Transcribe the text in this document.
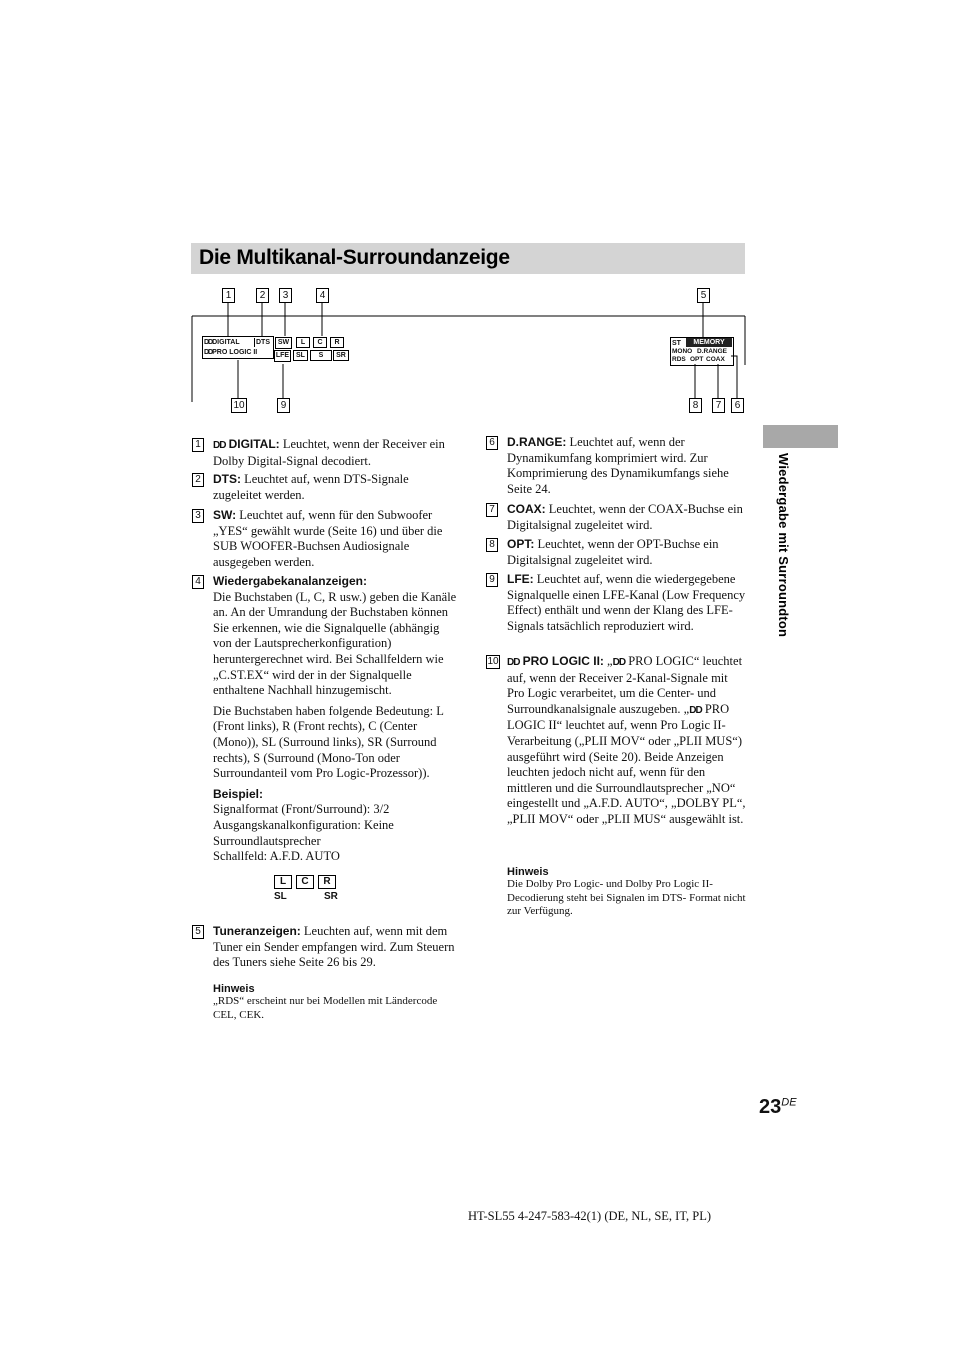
Die Multikanal-Surroundanzeige
Wiedergabe mit Surroundton
1	2	3	4	5
10	9	8	7	6
DDDIGITAL DTS
DDPRO LOGIC II
SW	L	C	R
LFE SL	S	SR
ST	MEMORY
MONO D.RANGE
RDS OPT COAX
1	DD DIGITAL: Leuchtet, wenn der Receiver ein Dolby Digital-Signal decodiert.
2 DTS: Leuchtet auf, wenn DTS-Signale zugeleitet werden.
3 SW: Leuchtet auf, wenn für den Subwoofer „YES“ gewählt wurde (Seite 16) und über die SUB WOOFER-Buchsen Audiosignale ausgegeben werden.
4 Wiedergabekanalanzeigen:
Die Buchstaben (L, C, R usw.) geben die Kanäle an. An der Umrandung der Buchstaben können Sie erkennen, wie die Signalquelle (abhängig von der Lautsprecherkonfiguration) heruntergerechnet wird. Bei Schallfeldern wie „C.ST.EX“ wird der in der Signalquelle enthaltene Nachhall hinzugemischt.
Die Buchstaben haben folgende Bedeutung: L (Front links), R (Front rechts), C (Center (Mono)), SL (Surround links), SR (Surround rechts), S (Surround (Mono-Ton oder Surroundanteil vom Pro Logic-Prozessor)).
Beispiel:
Signalformat (Front/Surround): 3/2
Ausgangskanalkonfiguration: Keine Surroundlautsprecher
Schallfeld: A.F.D. AUTO
L	C	R
SL	SR
5 Tuneranzeigen: Leuchten auf, wenn mit dem Tuner ein Sender empfangen wird. Zum Steuern des Tuners siehe Seite 26 bis 29.
Hinweis
„RDS“ erscheint nur bei Modellen mit Ländercode CEL, CEK.
6 D.RANGE: Leuchtet auf, wenn der Dynamikumfang komprimiert wird. Zur Komprimierung des Dynamikumfangs siehe Seite 24.
7 COAX: Leuchtet, wenn der COAX-Buchse ein Digitalsignal zugeleitet wird.
8 OPT: Leuchtet, wenn der OPT-Buchse ein Digitalsignal zugeleitet wird.
9 LFE: Leuchtet auf, wenn die wiedergegebene Signalquelle einen LFE-Kanal (Low Frequency Effect) enthält und wenn der Klang des LFE-Signals tatsächlich reproduziert wird.
10 DD PRO LOGIC II: „DD PRO LOGIC“ leuchtet auf, wenn der Receiver 2-Kanal-Signale mit Pro Logic verarbeitet, um die Center- und Surroundkanalsignale auszugeben. „DD PRO LOGIC II“ leuchtet auf, wenn Pro Logic II-Verarbeitung („PLII MOV“ oder „PLII MUS“) ausgeführt wird (Seite 20). Beide Anzeigen leuchten jedoch nicht auf, wenn für den mittleren und die Surroundlautsprecher „NO“ eingestellt und „A.F.D. AUTO“, „DOLBY PL“, „PLII MOV“ oder „PLII MUS“ ausgewählt ist.
Hinweis
Die Dolby Pro Logic- und Dolby Pro Logic II-Decodierung steht bei Signalen im DTS- Format nicht zur Verfügung.
23DE
HT-SL55 4-247-583-42(1) (DE, NL, SE, IT, PL)
